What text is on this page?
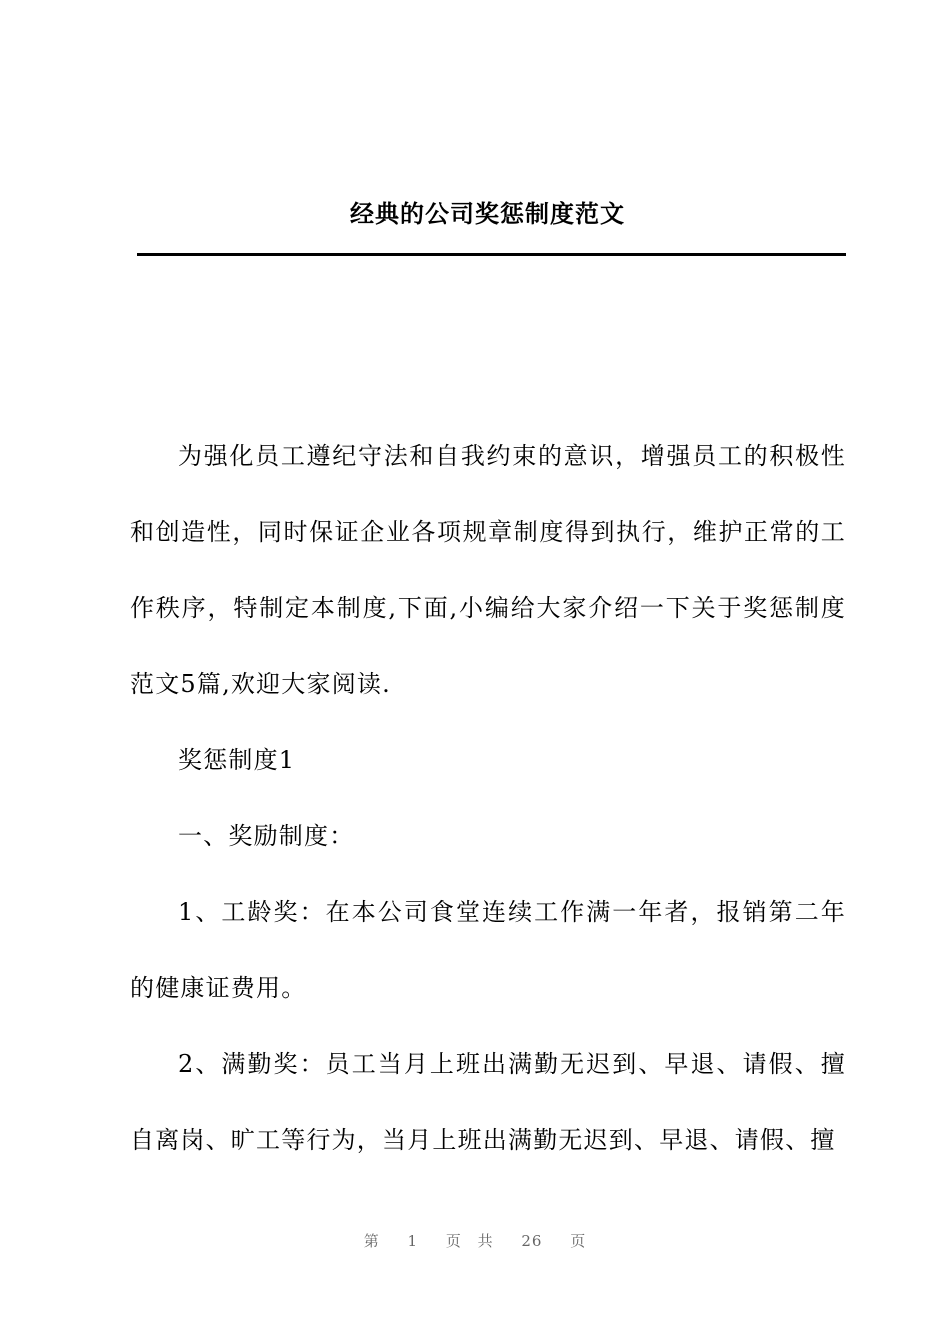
经典的公司奖惩制度范文

为强化员工遵纪守法和自我约束的意识，增强员工的积极性和创造性，同时保证企业各项规章制度得到执行，维护正常的工作秩序，特制定本制度,下面,小编给大家介绍一下关于奖惩制度范文5篇,欢迎大家阅读.

奖惩制度1

一、奖励制度：

1、工龄奖：在本公司食堂连续工作满一年者，报销第二年的健康证费用。

2、满勤奖：员工当月上班出满勤无迟到、早退、请假、擅自离岗、旷工等行为，当月上班出满勤无迟到、早退、请假、擅

第 1 页 共 26 页
